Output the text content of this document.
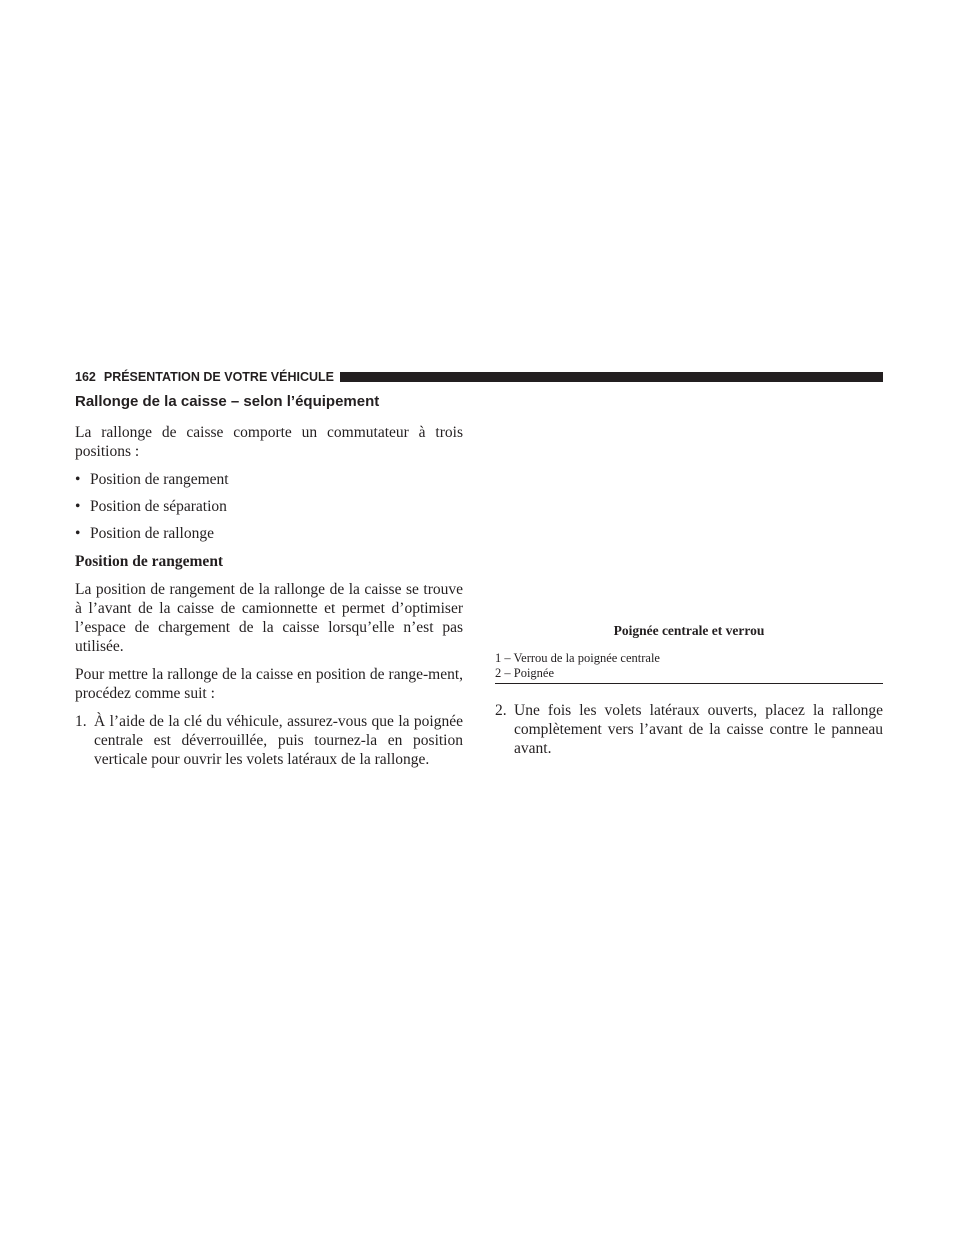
162 PRÉSENTATION DE VOTRE VÉHICULE
Rallonge de la caisse – selon l’équipement

La rallonge de caisse comporte un commutateur à trois positions :

• Position de rangement
• Position de séparation
• Position de rallonge
Position de rangement

La position de rangement de la rallonge de la caisse se trouve à l’avant de la caisse de camionnette et permet d’optimiser l’espace de chargement de la caisse lorsqu’elle n’est pas utilisée.

Pour mettre la rallonge de la caisse en position de range-ment, procédez comme suit :

1. À l’aide de la clé du véhicule, assurez-vous que la poignée centrale est déverrouillée, puis tournez-la en position verticale pour ouvrir les volets latéraux de la rallonge.
Poignée centrale et verrou
1 – Verrou de la poignée centrale
2 – Poignée
2. Une fois les volets latéraux ouverts, placez la rallonge complètement vers l’avant de la caisse contre le panneau avant.
